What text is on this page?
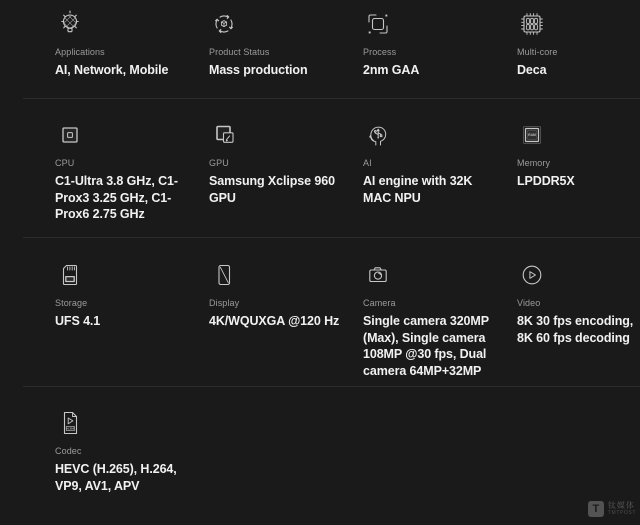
Applications
AI, Network, Mobile
Product Status
Mass production
Process
2nm GAA
Multi-core
Deca
CPU
C1-Ultra 3.8 GHz, C1-Prox3 3.25 GHz, C1-Prox6 2.75 GHz
GPU
Samsung Xclipse 960 GPU
AI
AI engine with 32K MAC NPU
RAM
Memory
LPDDR5X
Storage
UFS 4.1
Display
4K/WQUXGA @120 Hz
Camera
Single camera 320MP (Max), Single camera 108MP @30 fps, Dual camera 64MP+32MP
Video
8K 30 fps encoding, 8K 60 fps decoding
H.264
Codec
HEVC (H.265), H.264, VP9, AV1, APV
T	钛媒体
TMTPOST
